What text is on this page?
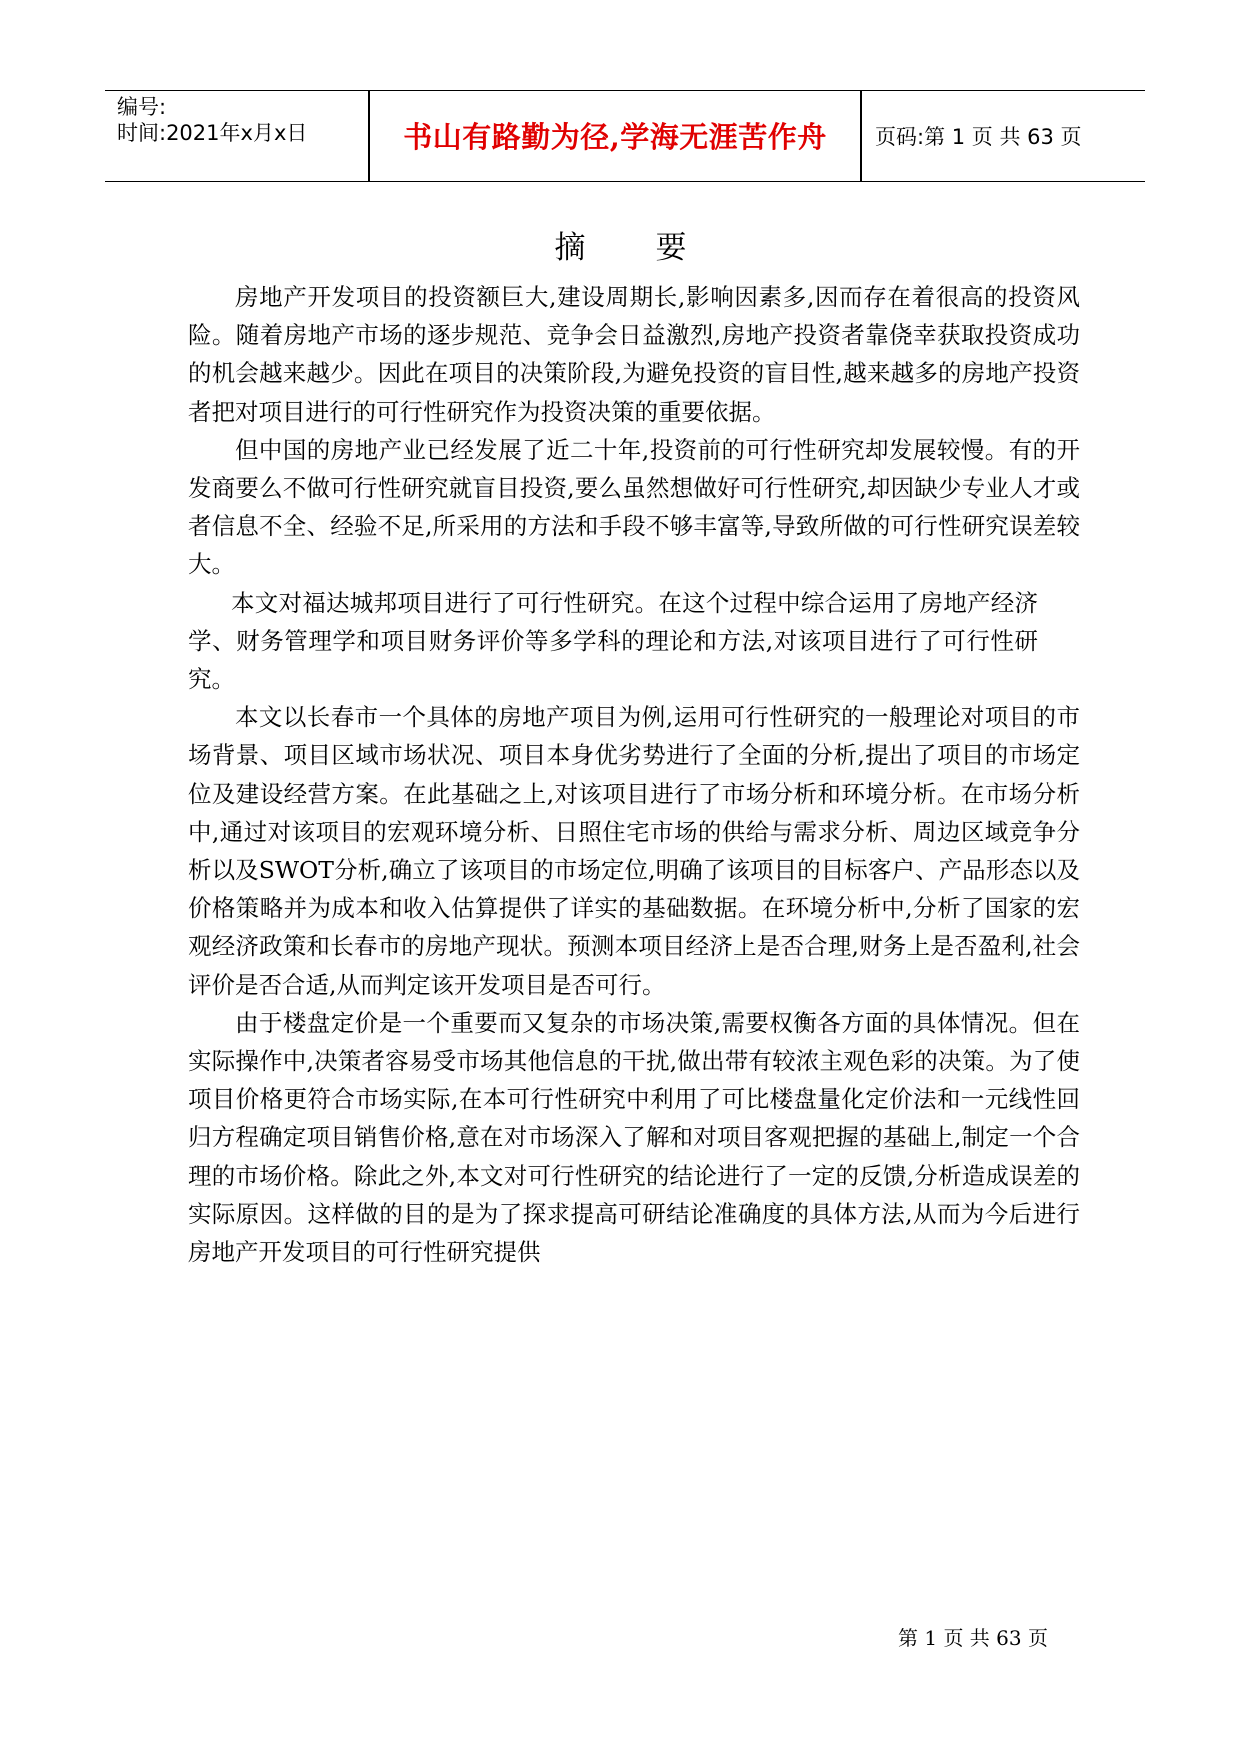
编号:
时间:2021年x月x日	书山有路勤为径,学海无涯苦作舟	页码:第 1 页 共 63 页
摘要

房地产开发项目的投资额巨大,建设周期长,影响因素多,因而存在着很高的投资风险。随着房地产市场的逐步规范、竞争会日益激烈,房地产投资者靠侥幸获取投资成功的机会越来越少。因此在项目的决策阶段,为避免投资的盲目性,越来越多的房地产投资者把对项目进行的可行性研究作为投资决策的重要依据。

但中国的房地产业已经发展了近二十年,投资前的可行性研究却发展较慢。有的开发商要么不做可行性研究就盲目投资,要么虽然想做好可行性研究,却因缺少专业人才或者信息不全、经验不足,所采用的方法和手段不够丰富等,导致所做的可行性研究误差较大。

本文对福达城邦项目进行了可行性研究。在这个过程中综合运用了房地产经济学、财务管理学和项目财务评价等多学科的理论和方法,对该项目进行了可行性研究。

本文以长春市一个具体的房地产项目为例,运用可行性研究的一般理论对项目的市场背景、项目区域市场状况、项目本身优劣势进行了全面的分析,提出了项目的市场定位及建设经营方案。在此基础之上,对该项目进行了市场分析和环境分析。在市场分析中,通过对该项目的宏观环境分析、日照住宅市场的供给与需求分析、周边区域竞争分析以及SWOT分析,确立了该项目的市场定位,明确了该项目的目标客户、产品形态以及价格策略并为成本和收入估算提供了详实的基础数据。在环境分析中,分析了国家的宏观经济政策和长春市的房地产现状。预测本项目经济上是否合理,财务上是否盈利,社会评价是否合适,从而判定该开发项目是否可行。

由于楼盘定价是一个重要而又复杂的市场决策,需要权衡各方面的具体情况。但在实际操作中,决策者容易受市场其他信息的干扰,做出带有较浓主观色彩的决策。为了使项目价格更符合市场实际,在本可行性研究中利用了可比楼盘量化定价法和一元线性回归方程确定项目销售价格,意在对市场深入了解和对项目客观把握的基础上,制定一个合理的市场价格。除此之外,本文对可行性研究的结论进行了一定的反馈,分析造成误差的实际原因。这样做的目的是为了探求提高可研结论准确度的具体方法,从而为今后进行房地产开发项目的可行性研究提供

第 1 页 共 63 页
